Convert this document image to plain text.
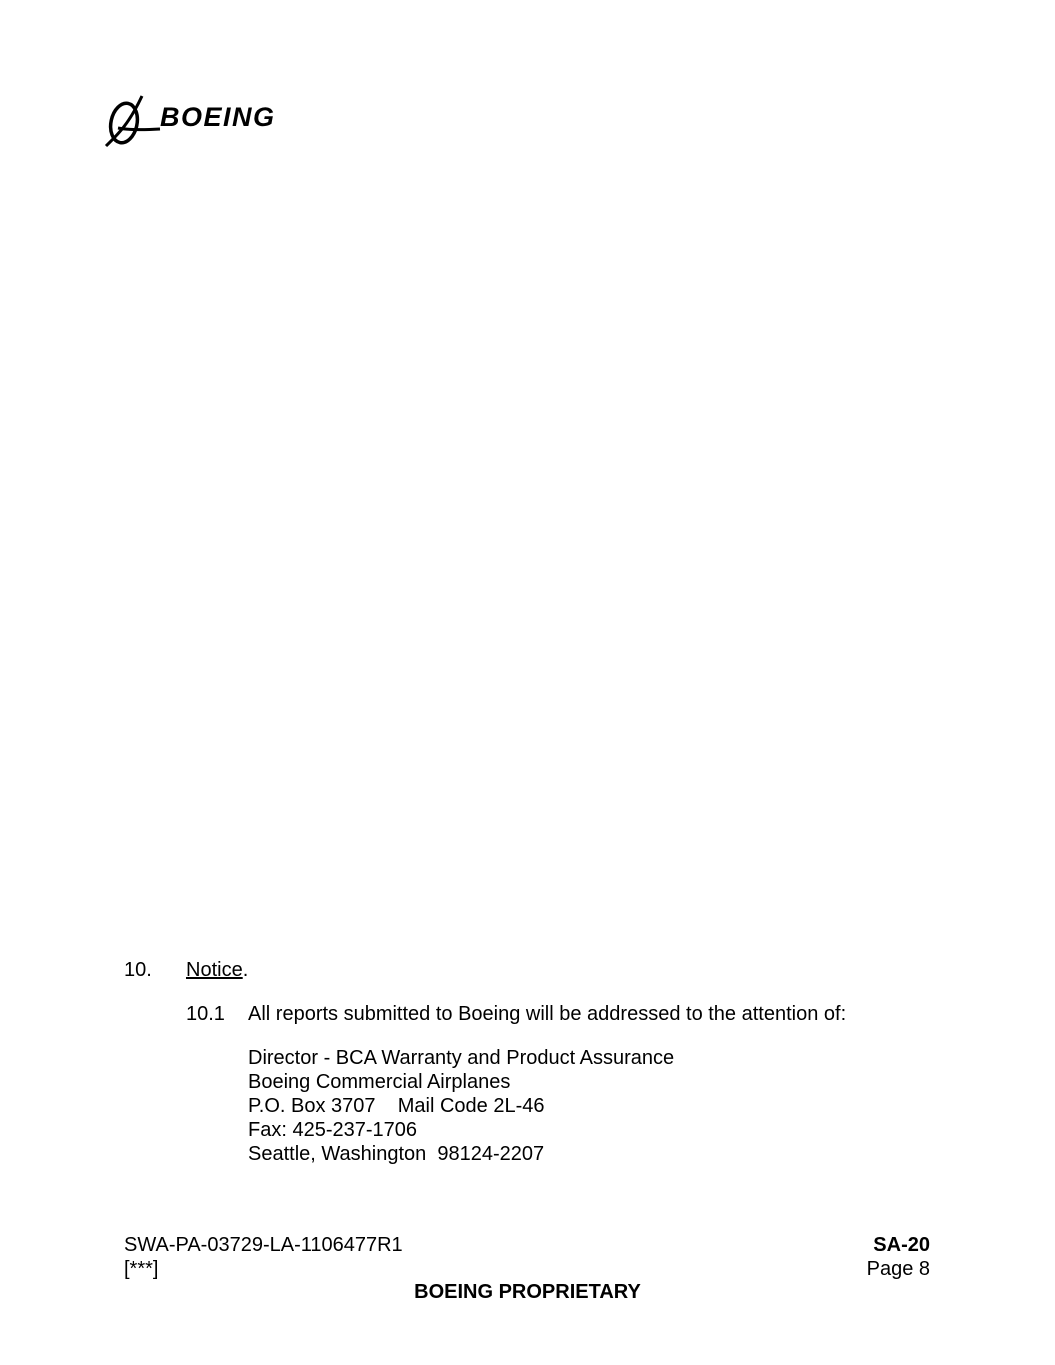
BOEING
10. Notice.
10.1 All reports submitted to Boeing will be addressed to the attention of:
Director - BCA Warranty and Product Assurance
Boeing Commercial Airplanes
P.O. Box 3707    Mail Code 2L-46
Fax: 425-237-1706
Seattle, Washington  98124-2207
SWA-PA-03729-LA-1106477R1
[***]
SA-20
Page 8
BOEING PROPRIETARY
